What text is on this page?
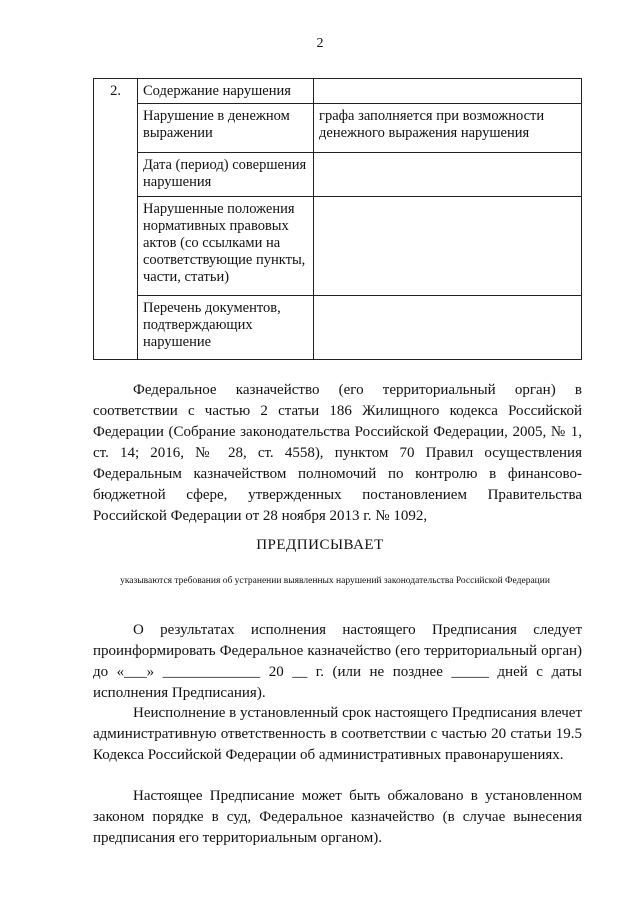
2
2.	Содержание нарушения	
	Нарушение в денежном выражении	графа заполняется при возможности денежного выражения нарушения
	Дата (период) совершения нарушения	
	Нарушенные положения нормативных правовых актов (со ссылками на соответствующие пункты, части, статьи)	
	Перечень документов, подтверждающих нарушение	
Федеральное казначейство (его территориальный орган) в соответствии с частью 2 статьи 186 Жилищного кодекса Российской Федерации (Собрание законодательства Российской Федерации, 2005, № 1, ст. 14; 2016, № 28, ст. 4558), пунктом 70 Правил осуществления Федеральным казначейством полномочий по контролю в финансово-бюджетной сфере, утвержденных постановлением Правительства Российской Федерации от 28 ноября 2013 г. № 1092,
ПРЕДПИСЫВАЕТ
указываются требования об устранении выявленных нарушений законодательства Российской Федерации
О результатах исполнения настоящего Предписания следует проинформировать Федеральное казначейство (его территориальный орган) до «___» _____________ 20 __ г. (или не позднее _____ дней с даты исполнения Предписания).
Неисполнение в установленный срок настоящего Предписания влечет административную ответственность в соответствии с частью 20 статьи 19.5 Кодекса Российской Федерации об административных правонарушениях.
Настоящее Предписание может быть обжаловано в установленном законом порядке в суд, Федеральное казначейство (в случае вынесения предписания его территориальным органом).
